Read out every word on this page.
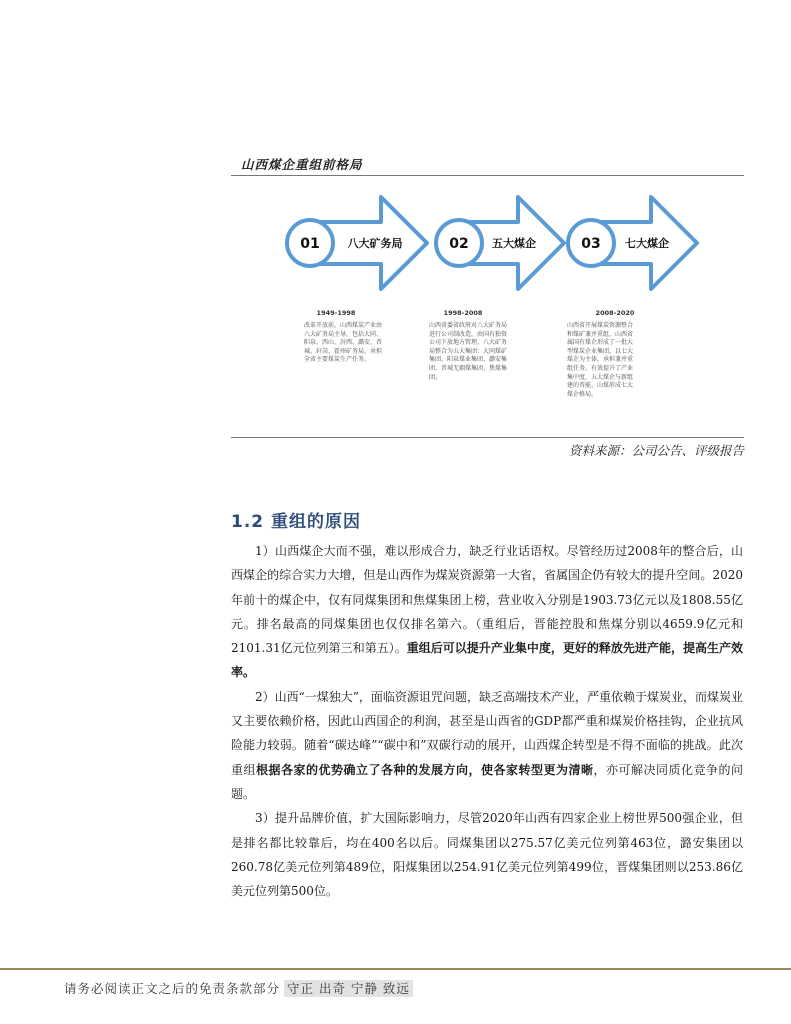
山西煤企重组前格局
01	八大矿务局
1949-1998
02 五大煤企
1998-2008
03 七大煤企
2008-2020
改革开放前，山西煤炭产业由八大矿务局主导，包括大同、阳泉、西山、汾西、潞安、晋城、轩岗、霍州矿务局，承担全省主要煤炭生产任务。
山西省委省政府对八大矿务局进行公司制改造，由国有独资公司下放地方管理，八大矿务局整合为五大集团：大同煤矿集团、阳泉煤业集团、潞安集团、晋城无烟煤集团、焦煤集团。
山西省开展煤炭资源整合和煤矿兼并重组，山西省属国有煤企形成了一批大型煤炭企业集团，以七大煤企为主体，承担兼并重组任务，有效提升了产业集中度，五大煤企与新组建的晋能、山煤形成七大煤企格局。
资料来源：公司公告、评级报告
1.2 重组的原因

1）山西煤企大而不强，难以形成合力，缺乏行业话语权。尽管经历过2008年的整合后，山西煤企的综合实力大增，但是山西作为煤炭资源第一大省，省属国企仍有较大的提升空间。2020年前十的煤企中，仅有同煤集团和焦煤集团上榜，营业收入分别是1903.73亿元以及1808.55亿元。排名最高的同煤集团也仅仅排名第六。（重组后，晋能控股和焦煤分别以4659.9亿元和2101.31亿元位列第三和第五）。重组后可以提升产业集中度，更好的释放先进产能，提高生产效率。

2）山西“一煤独大”，面临资源诅咒问题，缺乏高端技术产业，严重依赖于煤炭业，而煤炭业又主要依赖价格，因此山西国企的利润，甚至是山西省的GDP都严重和煤炭价格挂钩，企业抗风险能力较弱。随着“碳达峰”“碳中和”双碳行动的展开，山西煤企转型是不得不面临的挑战。此次重组根据各家的优势确立了各种的发展方向，使各家转型更为清晰，亦可解决同质化竞争的问题。

3）提升品牌价值，扩大国际影响力，尽管2020年山西有四家企业上榜世界500强企业，但是排名都比较靠后，均在400名以后。同煤集团以275.57亿美元位列第463位，潞安集团以260.78亿美元位列第489位，阳煤集团以254.91亿美元位列第499位，晋煤集团则以253.86亿美元位列第500位。

请务必阅读正文之后的免责条款部分 守正 出奇 宁静 致远
